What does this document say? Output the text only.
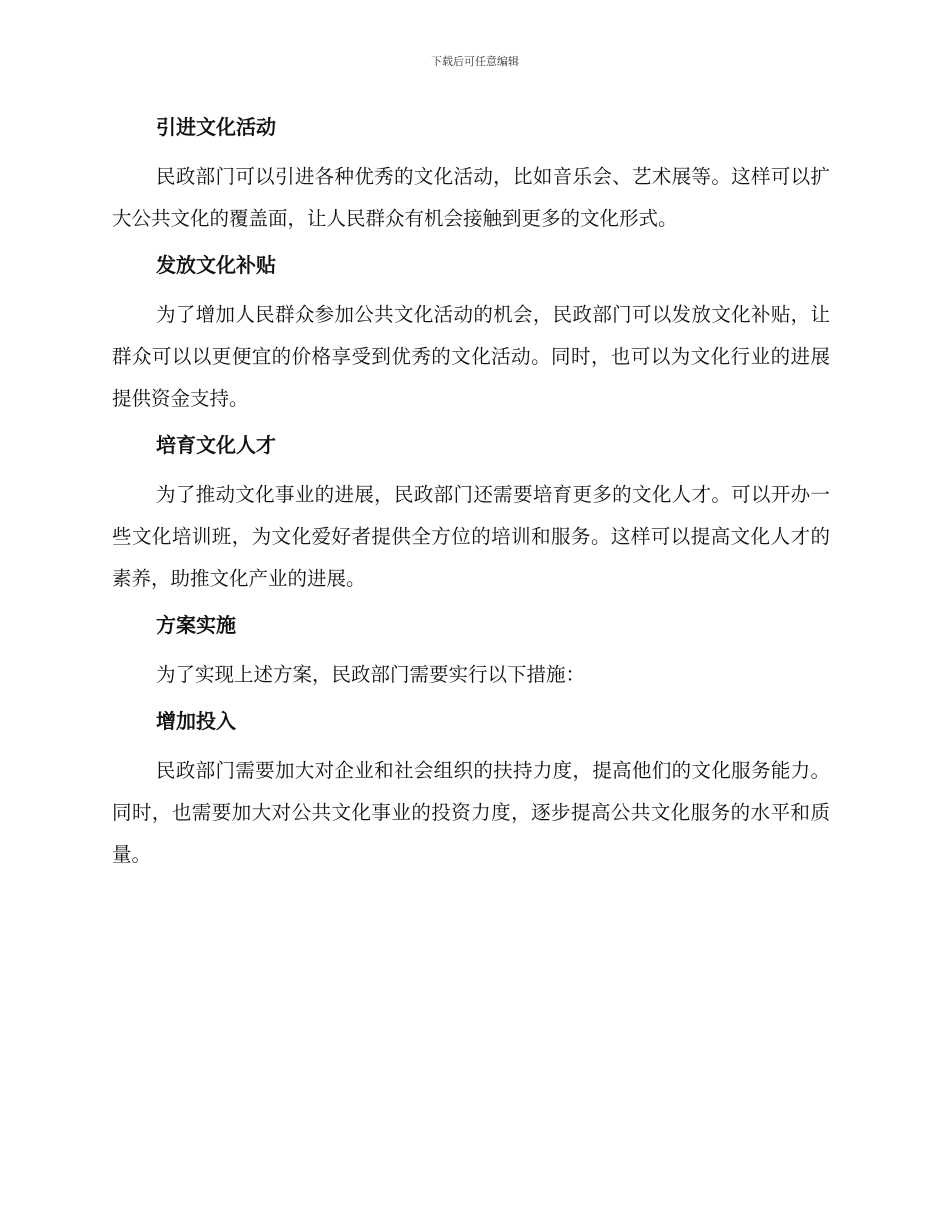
下载后可任意编辑
引进文化活动

民政部门可以引进各种优秀的文化活动，比如音乐会、艺术展等。这样可以扩大公共文化的覆盖面，让人民群众有机会接触到更多的文化形式。

发放文化补贴

为了增加人民群众参加公共文化活动的机会，民政部门可以发放文化补贴，让群众可以以更便宜的价格享受到优秀的文化活动。同时，也可以为文化行业的进展提供资金支持。

培育文化人才

为了推动文化事业的进展，民政部门还需要培育更多的文化人才。可以开办一些文化培训班，为文化爱好者提供全方位的培训和服务。这样可以提高文化人才的素养，助推文化产业的进展。

方案实施

为了实现上述方案，民政部门需要实行以下措施：

增加投入

民政部门需要加大对企业和社会组织的扶持力度，提高他们的文化服务能力。同时，也需要加大对公共文化事业的投资力度，逐步提高公共文化服务的水平和质量。
